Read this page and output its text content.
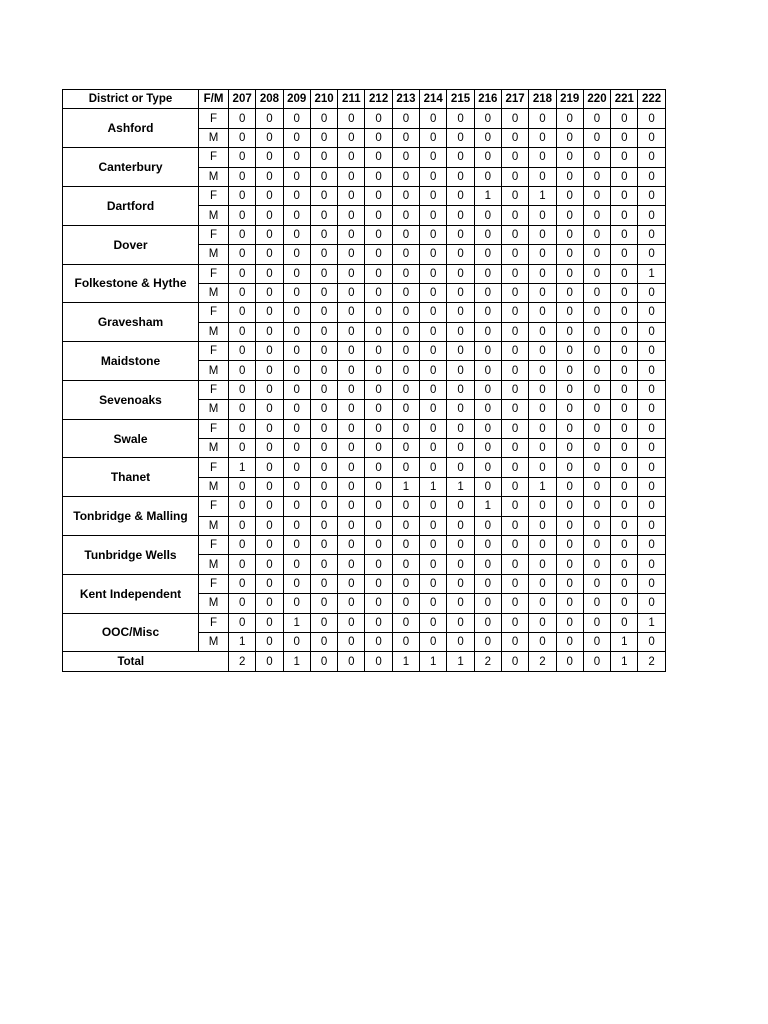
District or Type	F/M	207	208	209	210	211	212	213	214	215	216	217	218	219	220	221	222
Ashford	F	0	0	0	0	0	0	0	0	0	0	0	0	0	0	0	0
	M	0	0	0	0	0	0	0	0	0	0	0	0	0	0	0	0
Canterbury	F	0	0	0	0	0	0	0	0	0	0	0	0	0	0	0	0
	M	0	0	0	0	0	0	0	0	0	0	0	0	0	0	0	0
Dartford	F	0	0	0	0	0	0	0	0	0	1	0	1	0	0	0	0
	M	0	0	0	0	0	0	0	0	0	0	0	0	0	0	0	0
Dover	F	0	0	0	0	0	0	0	0	0	0	0	0	0	0	0	0
	M	0	0	0	0	0	0	0	0	0	0	0	0	0	0	0	0
Folkestone & Hythe	F	0	0	0	0	0	0	0	0	0	0	0	0	0	0	0	1
	M	0	0	0	0	0	0	0	0	0	0	0	0	0	0	0	0
Gravesham	F	0	0	0	0	0	0	0	0	0	0	0	0	0	0	0	0
	M	0	0	0	0	0	0	0	0	0	0	0	0	0	0	0	0
Maidstone	F	0	0	0	0	0	0	0	0	0	0	0	0	0	0	0	0
	M	0	0	0	0	0	0	0	0	0	0	0	0	0	0	0	0
Sevenoaks	F	0	0	0	0	0	0	0	0	0	0	0	0	0	0	0	0
	M	0	0	0	0	0	0	0	0	0	0	0	0	0	0	0	0
Swale	F	0	0	0	0	0	0	0	0	0	0	0	0	0	0	0	0
	M	0	0	0	0	0	0	0	0	0	0	0	0	0	0	0	0
Thanet	F	1	0	0	0	0	0	0	0	0	0	0	0	0	0	0	0
	M	0	0	0	0	0	0	1	1	1	0	0	1	0	0	0	0
Tonbridge & Malling	F	0	0	0	0	0	0	0	0	0	1	0	0	0	0	0	0
	M	0	0	0	0	0	0	0	0	0	0	0	0	0	0	0	0
Tunbridge Wells	F	0	0	0	0	0	0	0	0	0	0	0	0	0	0	0	0
	M	0	0	0	0	0	0	0	0	0	0	0	0	0	0	0	0
Kent Independent	F	0	0	0	0	0	0	0	0	0	0	0	0	0	0	0	0
	M	0	0	0	0	0	0	0	0	0	0	0	0	0	0	0	0
OOC/Misc	F	0	0	1	0	0	0	0	0	0	0	0	0	0	0	0	1
	M	1	0	0	0	0	0	0	0	0	0	0	0	0	0	1	0
Total		2	0	1	0	0	0	1	1	1	2	0	2	0	0	1	2
